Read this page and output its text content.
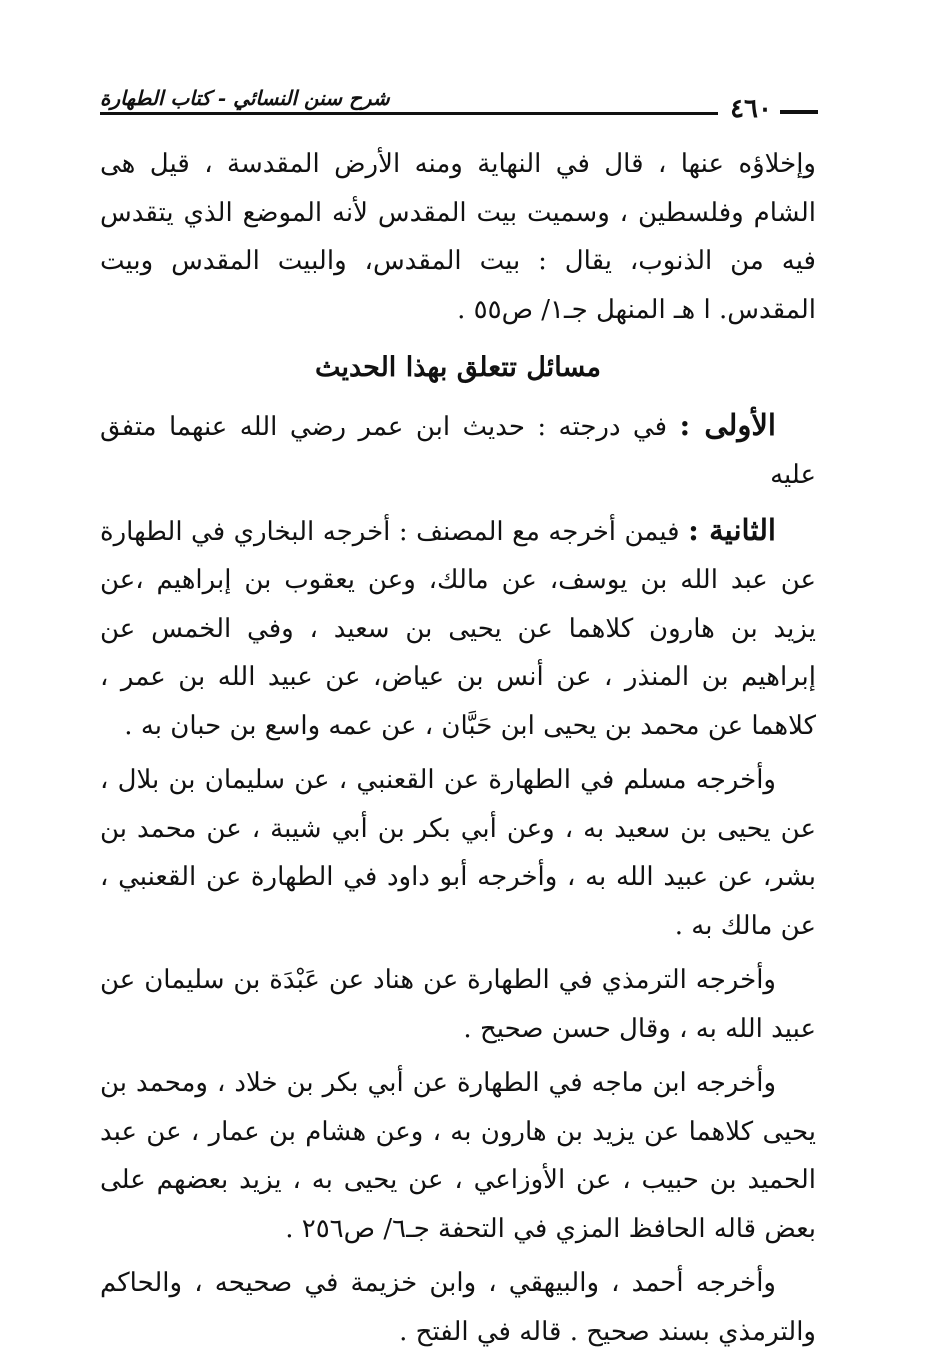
شرح سنن النسائي - كتاب الطهارة	٤٦٠

وإخلاؤه عنها ، قال في النهاية ومنه الأرض المقدسة ، قيل هى الشام وفلسطين ، وسميت بيت المقدس لأنه الموضع الذي يتقدس فيه من الذنوب، يقال : بيت المقدس، والبيت المقدس وبيت المقدس. ا هـ المنهل جـ١/ ص٥٥ .

مسائل تتعلق بهذا الحديث

الأولى : في درجته : حديث ابن عمر رضي الله عنهما متفق عليه

الثانية : فيمن أخرجه مع المصنف : أخرجه البخاري في الطهارة عن عبد الله بن يوسف، عن مالك، وعن يعقوب بن إبراهيم ،عن يزيد بن هارون كلاهما عن يحيى بن سعيد ، وفي الخمس عن إبراهيم بن المنذر ، عن أنس بن عياض، عن عبيد الله بن عمر ، كلاهما عن محمد بن يحيى ابن حَبَّان ، عن عمه واسع بن حبان به .

وأخرجه مسلم في الطهارة عن القعنبي ، عن سليمان بن بلال ، عن يحيى بن سعيد به ، وعن أبي بكر بن أبي شيبة ، عن محمد بن بشر، عن عبيد الله به ، وأخرجه أبو داود في الطهارة عن القعنبي ، عن مالك به .

وأخرجه الترمذي في الطهارة عن هناد عن عَبْدَة بن سليمان عن عبيد الله به ، وقال حسن صحيح .

وأخرجه ابن ماجه في الطهارة عن أبي بكر بن خلاد ، ومحمد بن يحيى كلاهما عن يزيد بن هارون به ، وعن هشام بن عمار ، عن عبد الحميد بن حبيب ، عن الأوزاعي ، عن يحيى به ، يزيد بعضهم على بعض قاله الحافظ المزي في التحفة جـ٦/ ص٢٥٦ .

وأخرجه أحمد ، والبيهقي ، وابن خزيمة في صحيحه ، والحاكم والترمذي بسند صحيح . قاله في الفتح .
